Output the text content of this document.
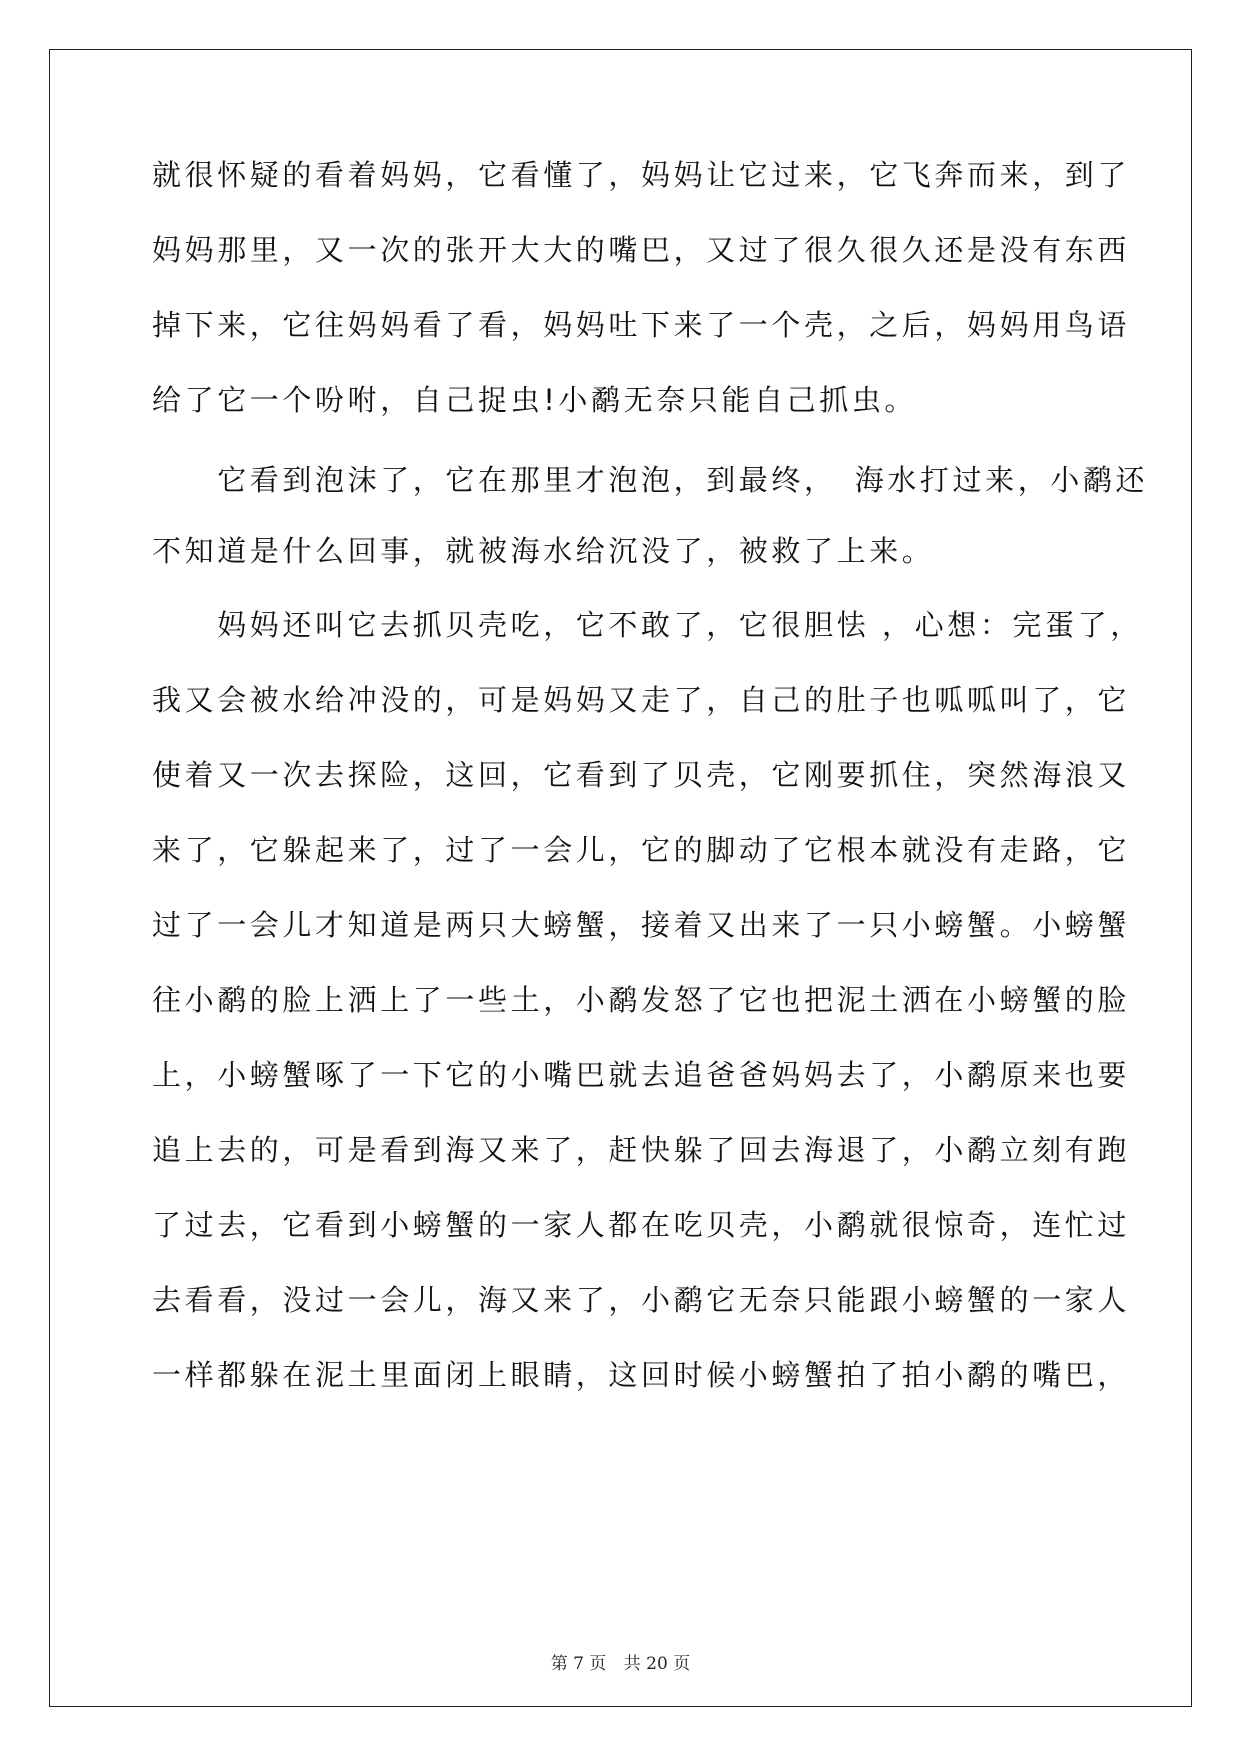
就很怀疑的看着妈妈，它看懂了，妈妈让它过来，它飞奔而来，到了
妈妈那里，又一次的张开大大的嘴巴，又过了很久很久还是没有东西
掉下来，它往妈妈看了看，妈妈吐下来了一个壳，之后，妈妈用鸟语
给了它一个吩咐，自己捉虫!小鹬无奈只能自己抓虫。
　　它看到泡沫了，它在那里才泡泡，到最终，　海水打过来，小鹬还
不知道是什么回事，就被海水给沉没了，被救了上来。
　　妈妈还叫它去抓贝壳吃，它不敢了，它很胆怯 ，心想：完蛋了，
我又会被水给冲没的，可是妈妈又走了，自己的肚子也呱呱叫了，它
使着又一次去探险，这回，它看到了贝壳，它刚要抓住，突然海浪又
来了，它躲起来了，过了一会儿，它的脚动了它根本就没有走路，它
过了一会儿才知道是两只大螃蟹，接着又出来了一只小螃蟹。小螃蟹
往小鹬的脸上洒上了一些土，小鹬发怒了它也把泥土洒在小螃蟹的脸
上，小螃蟹啄了一下它的小嘴巴就去追爸爸妈妈去了，小鹬原来也要
追上去的，可是看到海又来了，赶快躲了回去海退了，小鹬立刻有跑
了过去，它看到小螃蟹的一家人都在吃贝壳，小鹬就很惊奇，连忙过
去看看，没过一会儿，海又来了，小鹬它无奈只能跟小螃蟹的一家人
一样都躲在泥土里面闭上眼睛，这回时候小螃蟹拍了拍小鹬的嘴巴，
第 7 页 共 20 页
